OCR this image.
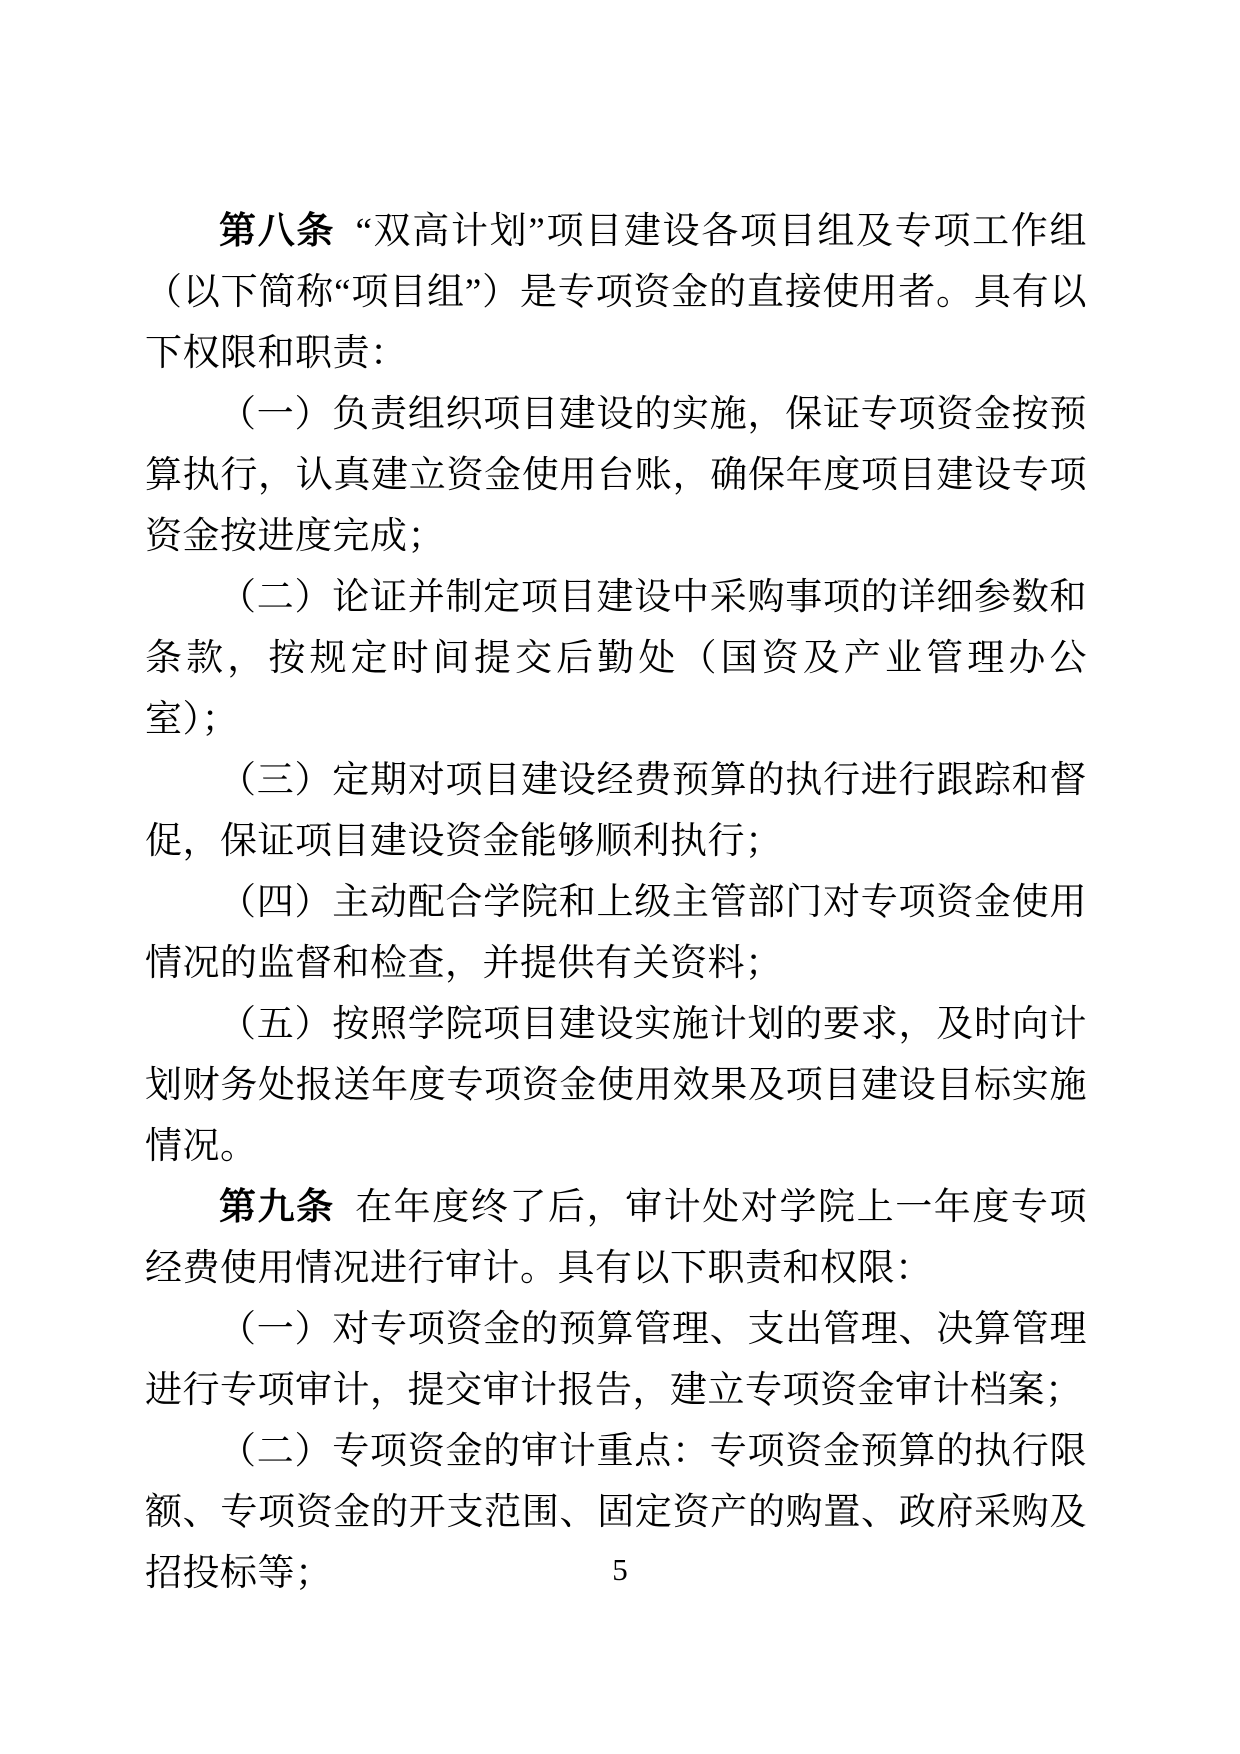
第八条 “双高计划”项目建设各项目组及专项工作组（以下简称“项目组”）是专项资金的直接使用者。具有以下权限和职责：

（一）负责组织项目建设的实施，保证专项资金按预算执行，认真建立资金使用台账，确保年度项目建设专项资金按进度完成；

（二）论证并制定项目建设中采购事项的详细参数和条款，按规定时间提交后勤处（国资及产业管理办公室）；

（三）定期对项目建设经费预算的执行进行跟踪和督促，保证项目建设资金能够顺利执行；

（四）主动配合学院和上级主管部门对专项资金使用情况的监督和检查，并提供有关资料；

（五）按照学院项目建设实施计划的要求，及时向计划财务处报送年度专项资金使用效果及项目建设目标实施情况。

第九条 在年度终了后，审计处对学院上一年度专项经费使用情况进行审计。具有以下职责和权限：

（一）对专项资金的预算管理、支出管理、决算管理进行专项审计，提交审计报告，建立专项资金审计档案；

（二）专项资金的审计重点：专项资金预算的执行限额、专项资金的开支范围、固定资产的购置、政府采购及招投标等；	5
